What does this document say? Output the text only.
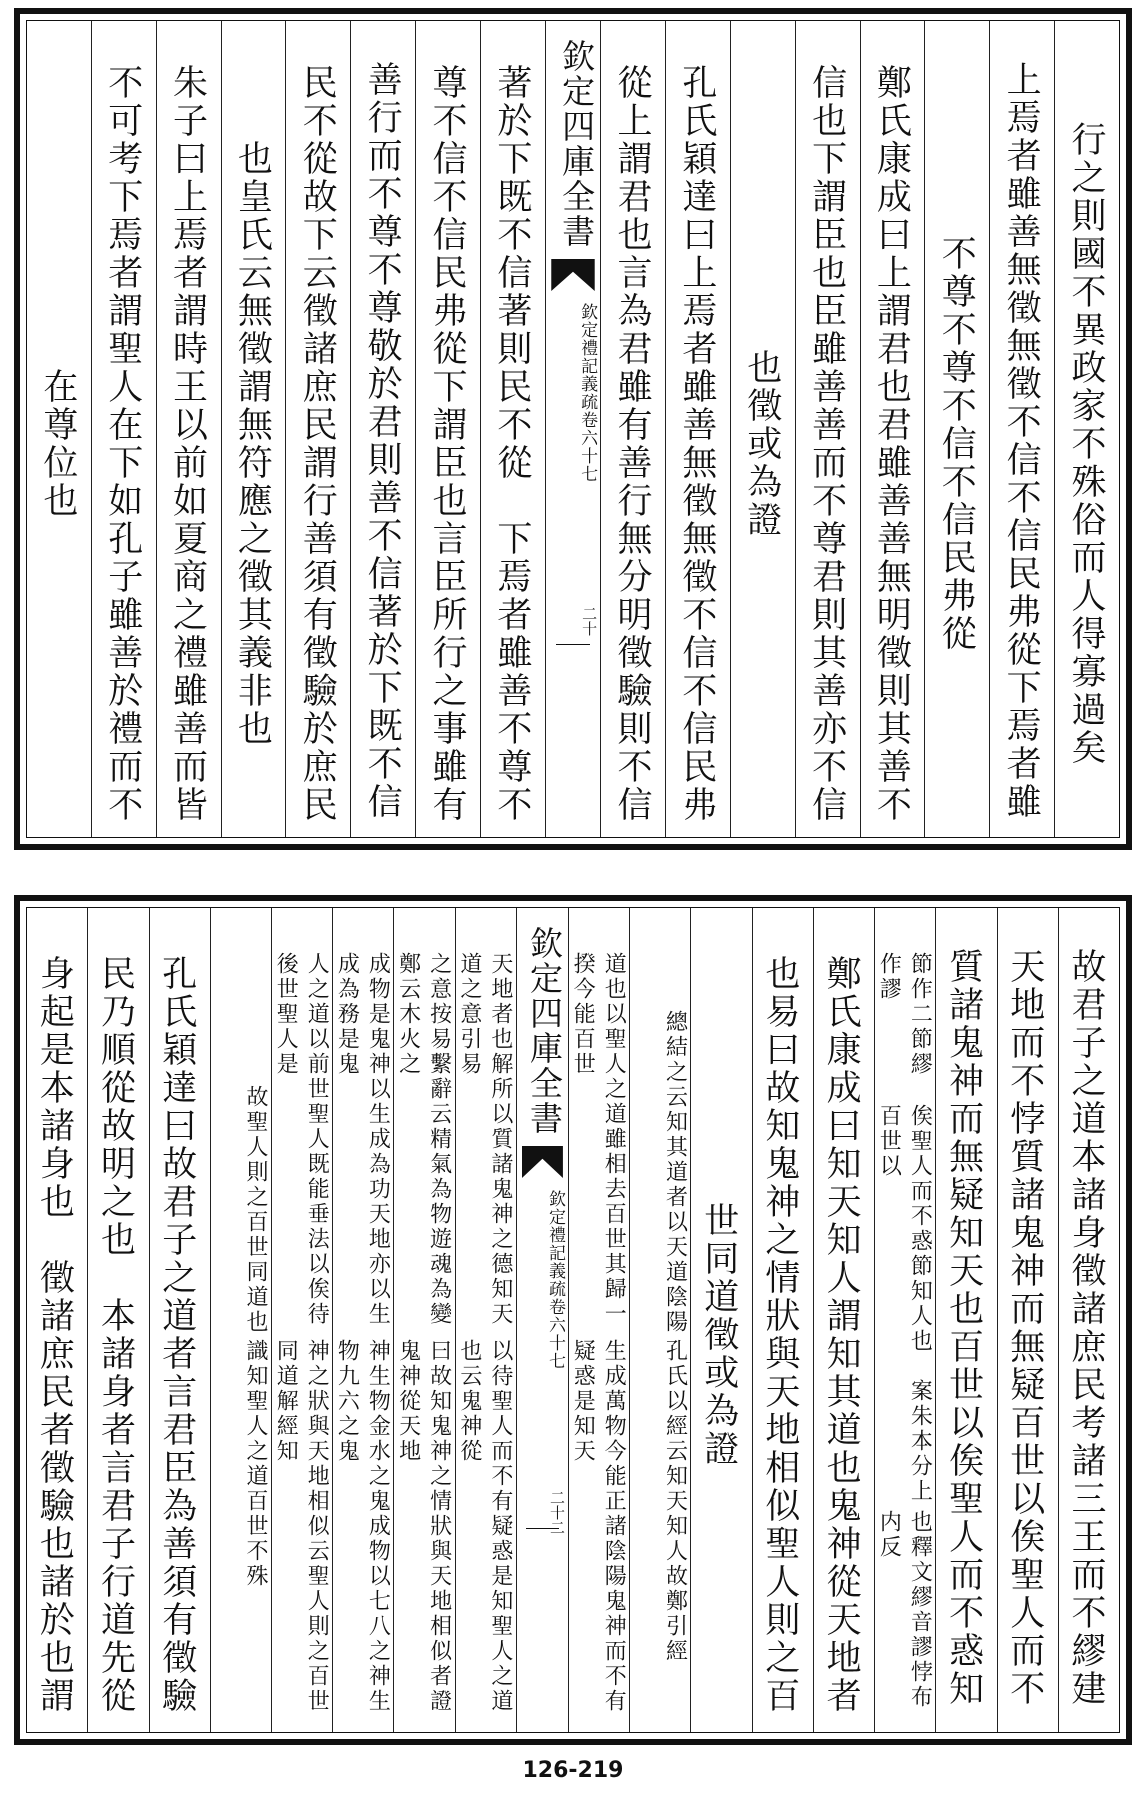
行之則國不異政家不殊俗而人得寡過矣
上焉者雖善無徵無徵不信不信民弗從下焉者雖
不尊不尊不信不信民弗從
鄭氏康成曰上謂君也君雖善善無明徵則其善不
信也下謂臣也臣雖善善而不尊君則其善亦不信
也徵或為證
孔氏穎達曰上焉者雖善無徵無徵不信不信民弗
從上謂君也言為君雖有善行無分明徵驗則不信
欽定四庫全書
欽定禮記義疏卷六十七
二十
著於下既不信著則民不從　下焉者雖善不尊不
尊不信不信民弗從下謂臣也言臣所行之事雖有
善行而不尊不尊敬於君則善不信著於下既不信
民不從故下云徵諸庶民謂行善須有徵驗於庶民
也皇氏云無徵謂無符應之徵其義非也
朱子曰上焉者謂時王以前如夏商之禮雖善而皆
不可考下焉者謂聖人在下如孔子雖善於禮而不
在尊位也
故君子之道本諸身徵諸庶民考諸三王而不繆建
天地而不悖質諸鬼神而無疑百世以俟聖人而不
質諸鬼神而無疑知天也百世以俟聖人而不惑知
也釋文繆音謬悖布内反
俟聖人而不惑節知人也　案朱本分上百世以
節作二節繆作謬
鄭氏康成曰知天知人謂知其道也鬼神從天地者
也易曰故知鬼神之情狀與天地相似聖人則之百
世同道徵或為證
孔氏以經云知天知人故鄭引經
總結之云知其道者以天道陰陽
生成萬物今能正諸陰陽鬼神而不有疑惑是知天
道也以聖人之道雖相去百世其歸一揆今能百世
欽定四庫全書
欽定禮記義疏卷六十七
二十二
以待聖人而不有疑惑是知聖人之道也云鬼神從
天地者也解所以質諸鬼神之德知天道之意引易
曰故知鬼神之情狀與天地相似者證鬼神從天地
之意按易繫辭云精氣為物遊魂為變鄭云木火之
神生物金水之鬼成物以七八之神生物九六之鬼
成物是鬼神以生成為功天地亦以生成為務是鬼
神之狀與天地相似云聖人則之百世同道解經知
人之道以前世聖人既能垂法以俟待後世聖人是
識知聖人之道百世不殊
故聖人則之百世同道也
孔氏穎達曰故君子之道者言君臣為善須有徵驗
民乃順從故明之也　本諸身者言君子行道先從
身起是本諸身也　徵諸庶民者徵驗也諸於也謂
126-219
